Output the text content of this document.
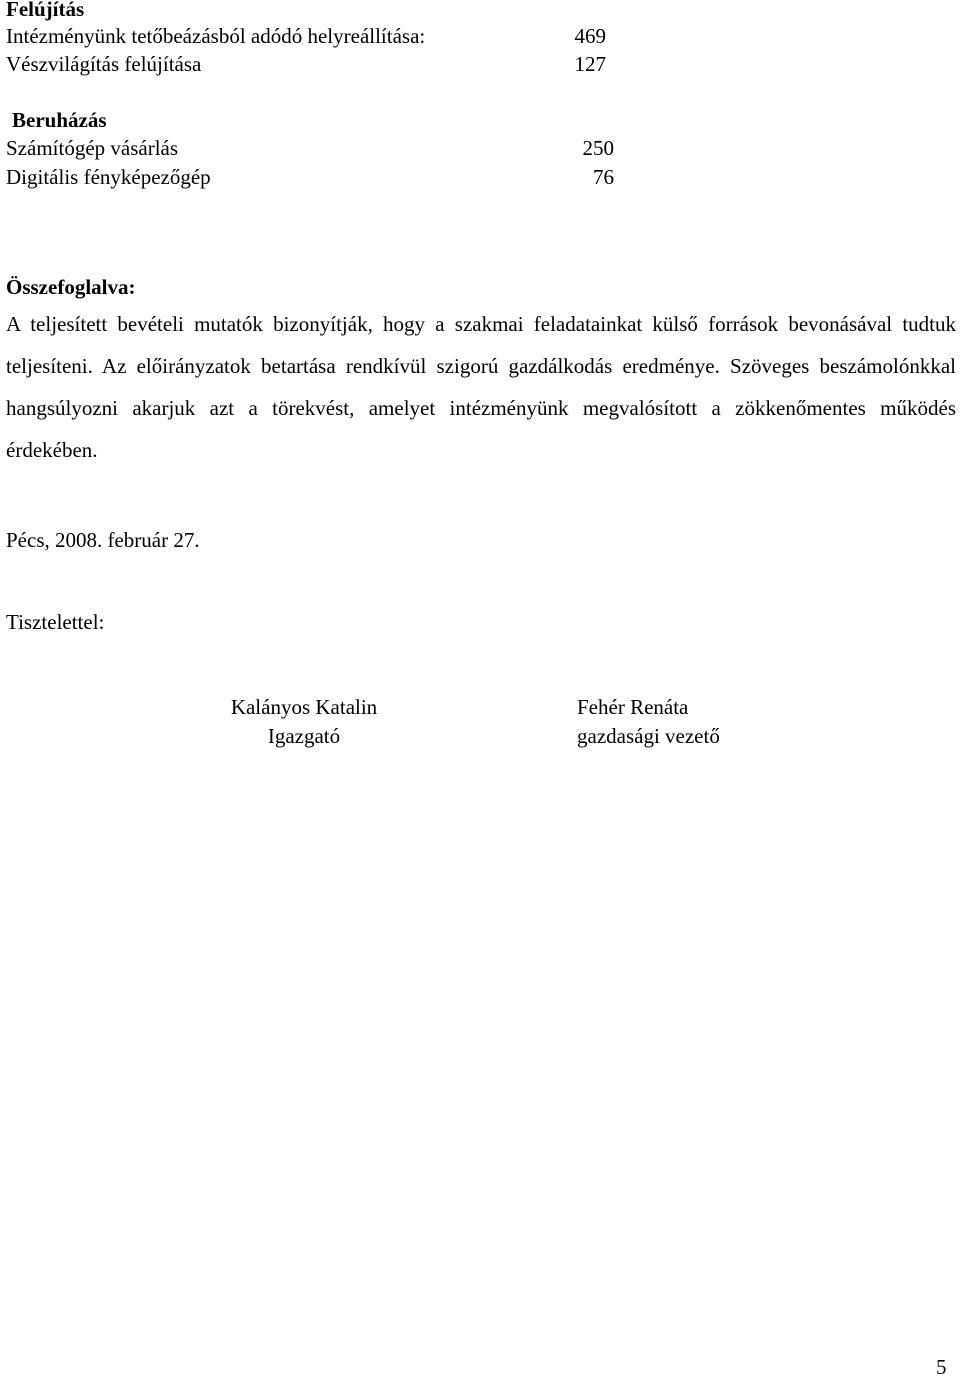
Felújítás
Intézményünk tetőbeázásból adódó helyreállítása:	469
Vészvilágítás felújítása	127
Beruházás
Számítógép vásárlás	250
Digitális fényképezőgép	76
Összefoglalva:
A teljesített bevételi mutatók bizonyítják, hogy a szakmai feladatainkat külső források bevonásával tudtuk teljesíteni. Az előirányzatok betartása rendkívül szigorú gazdálkodás eredménye. Szöveges beszámolónkkal hangsúlyozni akarjuk azt a törekvést, amelyet intézményünk megvalósított a zökkenőmentes működés érdekében.
Pécs, 2008. február 27.
Tisztelettel:
Kalányos Katalin
Igazgató
Fehér Renáta
gazdasági vezető
5
